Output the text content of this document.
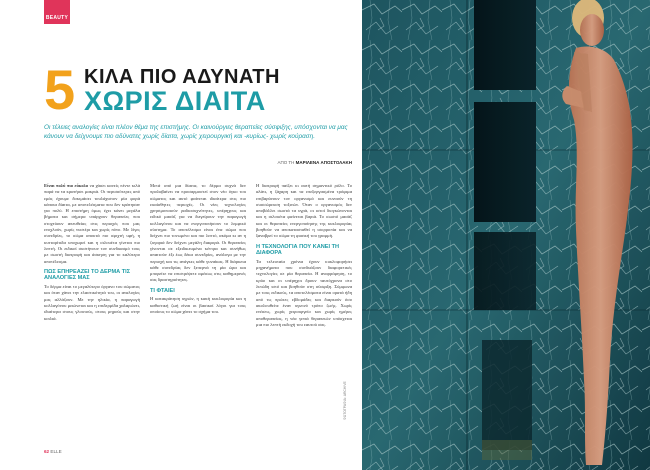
ΒEAUTY
5 ΚΙΛΑ ΠΙΟ ΑΔΥΝΑΤΗ
ΧΩΡΙΣ ΔΙΑΙΤΑ
Οι τέλειες αναλογίες είναι πλέον θέμα της επιστήμης. Οι καινούργιες θεραπείες σύσφιξης, υπόσχονται να μας κάνουν να δείχνουμε πιο αδύνατες χωρίς δίαιτα, χωρίς χειρουργική και -κυρίως- χωρίς κούραση.
ΑΠΟ ΤΗ ΜΑΡΙΛΕΝΑ ΑΠΟΣΤΟΛΑΚΗ

Είναι πολύ πιο εύκολο να χάσει κανείς πέντε κιλά παρά να τα κρατήσει μακριά. Οι περισσότερες από εμάς έχουμε δοκιμάσει τουλάχιστον μία φορά κάποια δίαιτα, με αποτελέσματα που δεν κράτησαν για πολύ. Η επιστήμη όμως έχει κάνει μεγάλα βήματα και σήμερα υπάρχουν θεραπείες που στοχεύουν απευθείας στις περιοχές που μας ενοχλούν, χωρίς νυστέρι και χωρίς πόνο. Με λίγες συνεδρίες, το σώμα αποκτά πιο σφιχτή υφή, η κυτταρίτιδα υποχωρεί και η σιλουέτα γίνεται πιο λεπτή. Οι ειδικοί συστήνουν τον συνδυασμό τους με σωστή διατροφή και άσκηση για το καλύτερο αποτέλεσμα.

ΠΩΣ ΕΠΗΡΕΑΖΕΙ ΤΟ ΔΕΡΜΑ ΤΙΣ ΑΝΑΛΟΓΙΕΣ ΜΑΣ

Το δέρμα είναι το μεγαλύτερο όργανο του σώματος και όταν χάνει την ελαστικότητά του, οι αναλογίες μας αλλάζουν. Με την ηλικία, η παραγωγή κολλαγόνου μειώνεται και η επιδερμίδα χαλαρώνει, ιδιαίτερα στους γλουτούς, στους μηρούς και στην κοιλιά.

Μετά από μια δίαιτα, το δέρμα συχνά δεν προλαβαίνει να προσαρμοστεί στον νέο όγκο του σώματος και αυτό φαίνεται ιδιαίτερα στις πιο ευαίσθητες περιοχές. Οι νέες τεχνολογίες χρησιμοποιούν ραδιοσυχνότητες, υπέρηχους και ειδικό μασάζ για να διεγείρουν την παραγωγή κολλαγόνου και να ενεργοποιήσουν το λεμφικό σύστημα. Το αποτέλεσμα είναι ένα σώμα που δείχνει πιο τονωμένο και πιο λεπτό, ακόμα κι αν η ζυγαριά δεν δείχνει μεγάλη διαφορά. Οι θεραπείες γίνονται σε εξειδικευμένα κέντρα και συνήθως απαιτούν έξι έως δέκα συνεδρίες, ανάλογα με την περιοχή και τις ανάγκες κάθε γυναίκας. Η διάρκεια κάθε συνεδρίας δεν ξεπερνά τη μία ώρα και μπορείτε να επιστρέψετε αμέσως στις καθημερινές σας δραστηριότητες.

ΤΙ ΦΤΑΙΕΙ

Η κατακράτηση υγρών, η κακή κυκλοφορία και η καθιστική ζωή είναι οι βασικοί λόγοι για τους οποίους το σώμα χάνει το σχήμα του.

Η διατροφή παίζει κι αυτή σημαντικό ρόλο. Το αλάτι, η ζάχαρη και τα επεξεργασμένα τρόφιμα επιβαρύνουν τον οργανισμό και ευνοούν τη συσσώρευση τοξινών. Όταν ο οργανισμός δεν αποβάλλει σωστά τα υγρά, οι ιστοί διογκώνονται και η σιλουέτα φαίνεται βαριά. Το σωστό μασάζ και οι θεραπείες ενεργοποίησης της κυκλοφορίας βοηθούν να αποκατασταθεί η ισορροπία και να ξαναβρεί το σώμα τη φυσική του γραμμή.

Η ΤΕΧΝΟΛΟΓΙΑ ΠΟΥ ΚΑΝΕΙ ΤΗ ΔΙΑΦΟΡΑ

Τα τελευταία χρόνια έχουν κυκλοφορήσει μηχανήματα που συνδυάζουν διαφορετικές τεχνολογίες σε μία θεραπεία. Η αναρρόφηση, το κρύο και οι υπέρηχοι δρουν ταυτόχρονα στο λιπώδη ιστό και βοηθούν στη σύσφιξη. Σύμφωνα με τους ειδικούς, τα αποτελέσματα είναι ορατά ήδη από τις πρώτες εβδομάδες και διαρκούν όσο ακολουθείτε έναν υγιεινό τρόπο ζωής. Χωρίς ενέσεις, χωρίς χειρουργείο και χωρίς ημέρες αποθεραπείας, η νέα γενιά θεραπειών υπόσχεται μια πιο λεπτή εκδοχή του εαυτού σας.

62 ELLE
ΦΩΤΟΓΡΑΦΙΑ: ARCHIVE
